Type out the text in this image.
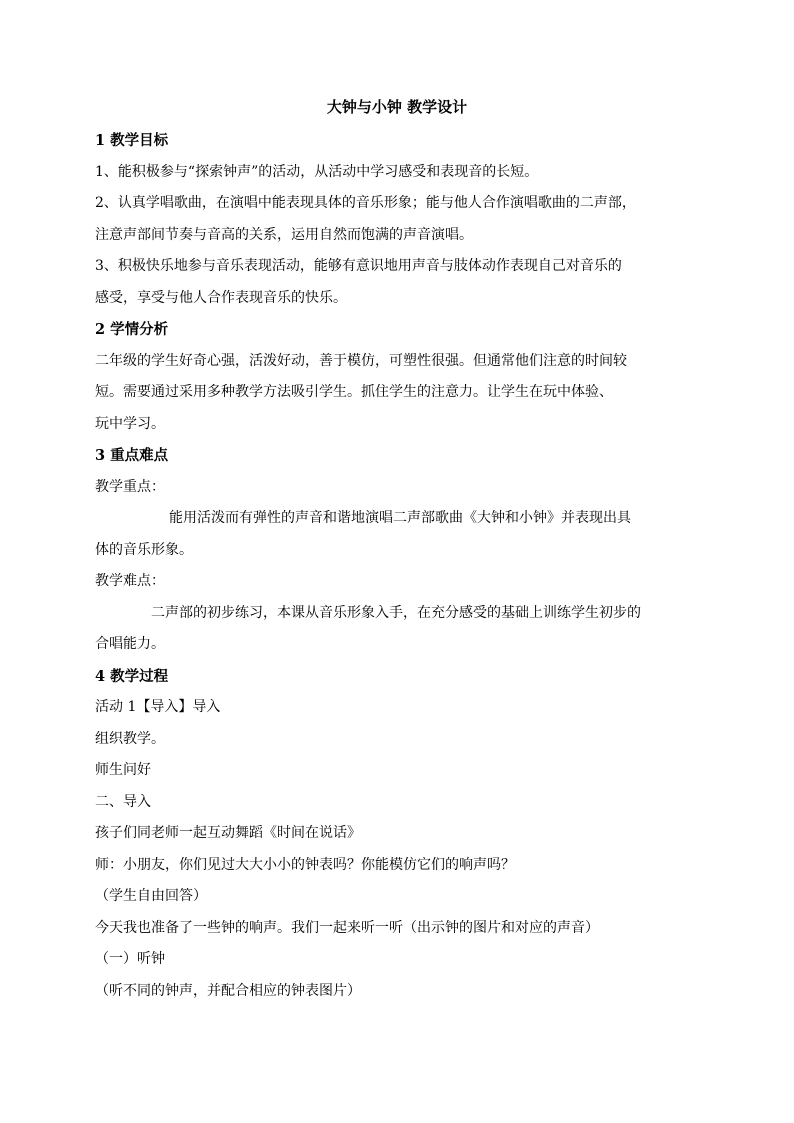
大钟与小钟 教学设计
1 教学目标
1、能积极参与“探索钟声”的活动，从活动中学习感受和表现音的长短。
2、认真学唱歌曲，在演唱中能表现具体的音乐形象；能与他人合作演唱歌曲的二声部，
注意声部间节奏与音高的关系，运用自然而饱满的声音演唱。
3、积极快乐地参与音乐表现活动，能够有意识地用声音与肢体动作表现自己对音乐的
感受，享受与他人合作表现音乐的快乐。
2 学情分析
二年级的学生好奇心强，活泼好动，善于模仿，可塑性很强。但通常他们注意的时间较
短。需要通过采用多种教学方法吸引学生。抓住学生的注意力。让学生在玩中体验、
玩中学习。
3 重点难点
教学重点：
能用活泼而有弹性的声音和谐地演唱二声部歌曲《大钟和小钟》并表现出具
体的音乐形象。
教学难点：
二声部的初步练习，本课从音乐形象入手，在充分感受的基础上训练学生初步的
合唱能力。
4 教学过程
活动 1【导入】导入
组织教学。
师生问好
二、导入
孩子们同老师一起互动舞蹈《时间在说话》
师：小朋友，你们见过大大小小的钟表吗？你能模仿它们的响声吗？
（学生自由回答）
今天我也准备了一些钟的响声。我们一起来听一听（出示钟的图片和对应的声音）
（一）听钟
（听不同的钟声，并配合相应的钟表图片）
